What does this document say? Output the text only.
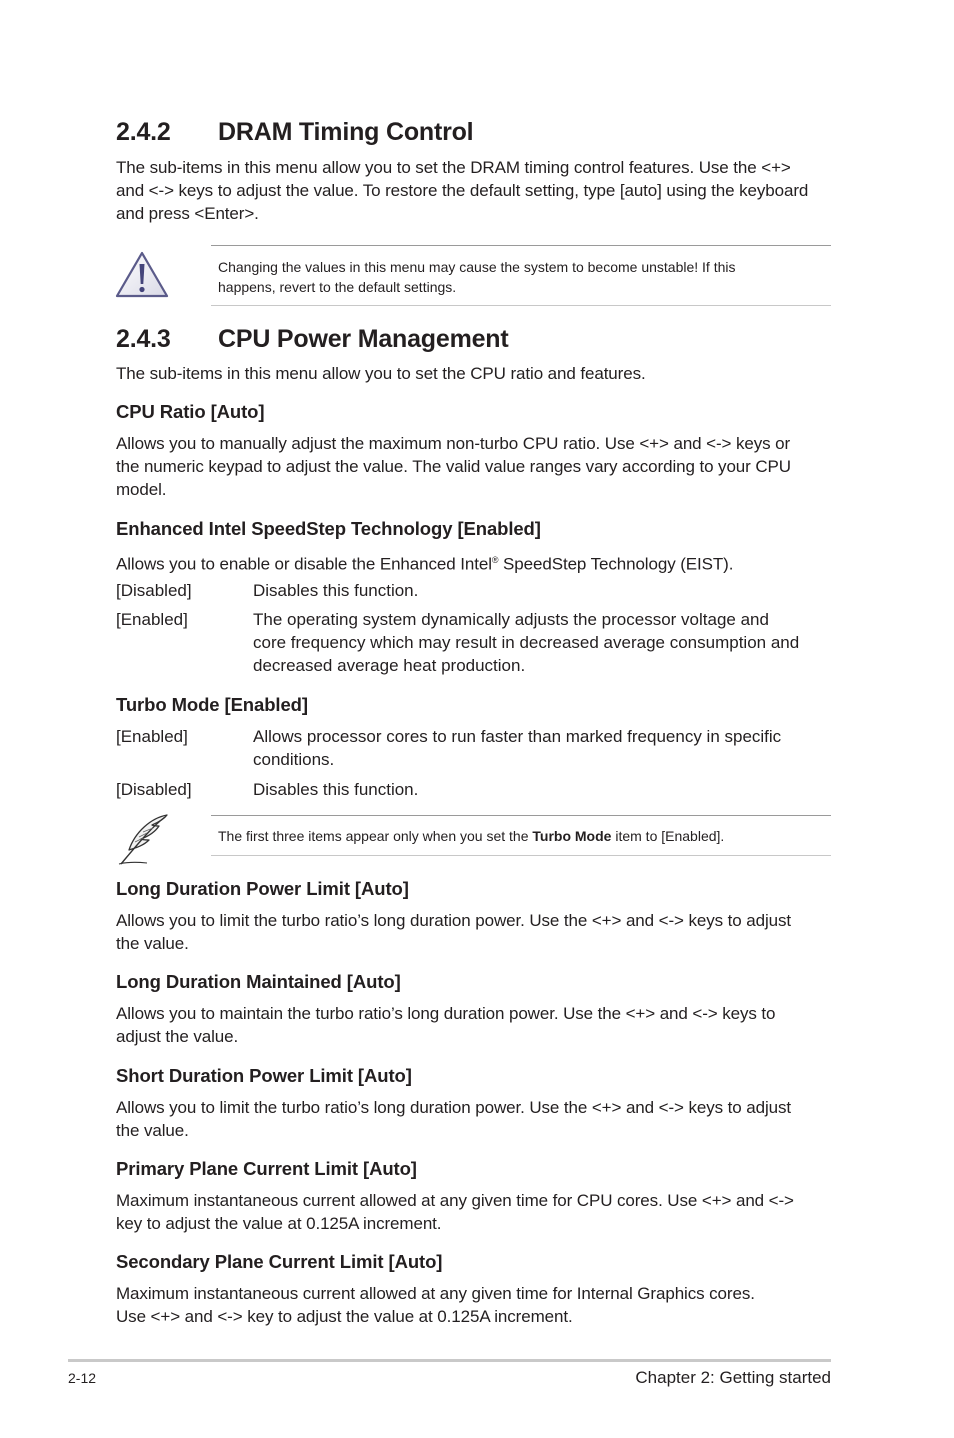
2.4.2 DRAM Timing Control
The sub-items in this menu allow you to set the DRAM timing control features. Use the <+>
and <-> keys to adjust the value. To restore the default setting, type [auto] using the keyboard
and press <Enter>.
Changing the values in this menu may cause the system to become unstable! If this
happens, revert to the default settings.
2.4.3 CPU Power Management
The sub-items in this menu allow you to set the CPU ratio and features.
CPU Ratio [Auto]
Allows you to manually adjust the maximum non-turbo CPU ratio. Use <+> and <-> keys or
the numeric keypad to adjust the value. The valid value ranges vary according to your CPU
model.
Enhanced Intel SpeedStep Technology [Enabled]
Allows you to enable or disable the Enhanced Intel® SpeedStep Technology (EIST).
[Disabled]	Disables this function.
[Enabled]	The operating system dynamically adjusts the processor voltage and
core frequency which may result in decreased average consumption and
decreased average heat production.
Turbo Mode [Enabled]
[Enabled]	Allows processor cores to run faster than marked frequency in specific
conditions.
[Disabled]	Disables this function.
The first three items appear only when you set the Turbo Mode item to [Enabled].
Long Duration Power Limit [Auto]
Allows you to limit the turbo ratio’s long duration power. Use the <+> and <-> keys to adjust
the value.
Long Duration Maintained [Auto]
Allows you to maintain the turbo ratio’s long duration power. Use the <+> and <-> keys to
adjust the value.
Short Duration Power Limit [Auto]
Allows you to limit the turbo ratio’s long duration power. Use the <+> and <-> keys to adjust
the value.
Primary Plane Current Limit [Auto]
Maximum instantaneous current allowed at any given time for CPU cores. Use <+> and <->
key to adjust the value at 0.125A increment.
Secondary Plane Current Limit [Auto]
Maximum instantaneous current allowed at any given time for Internal Graphics cores.
Use <+> and <-> key to adjust the value at 0.125A increment.
2-12	Chapter 2: Getting started
